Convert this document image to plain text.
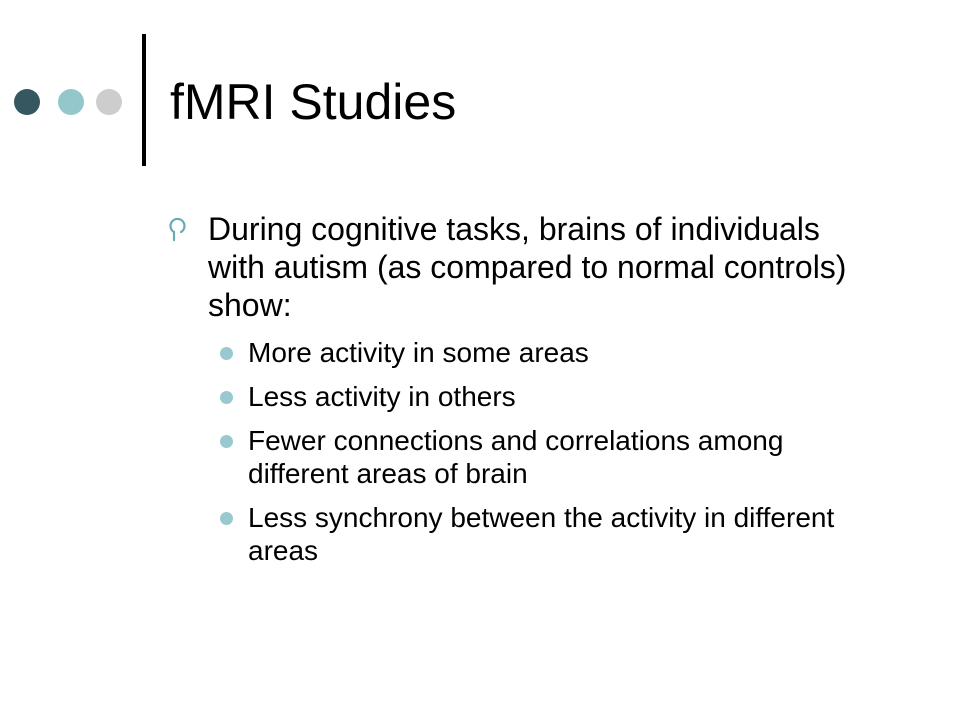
fMRI Studies
During cognitive tasks, brains of individuals with autism (as compared to normal controls) show:
More activity in some areas
Less activity in others
Fewer connections and correlations among different areas of brain
Less synchrony between the activity in different areas
